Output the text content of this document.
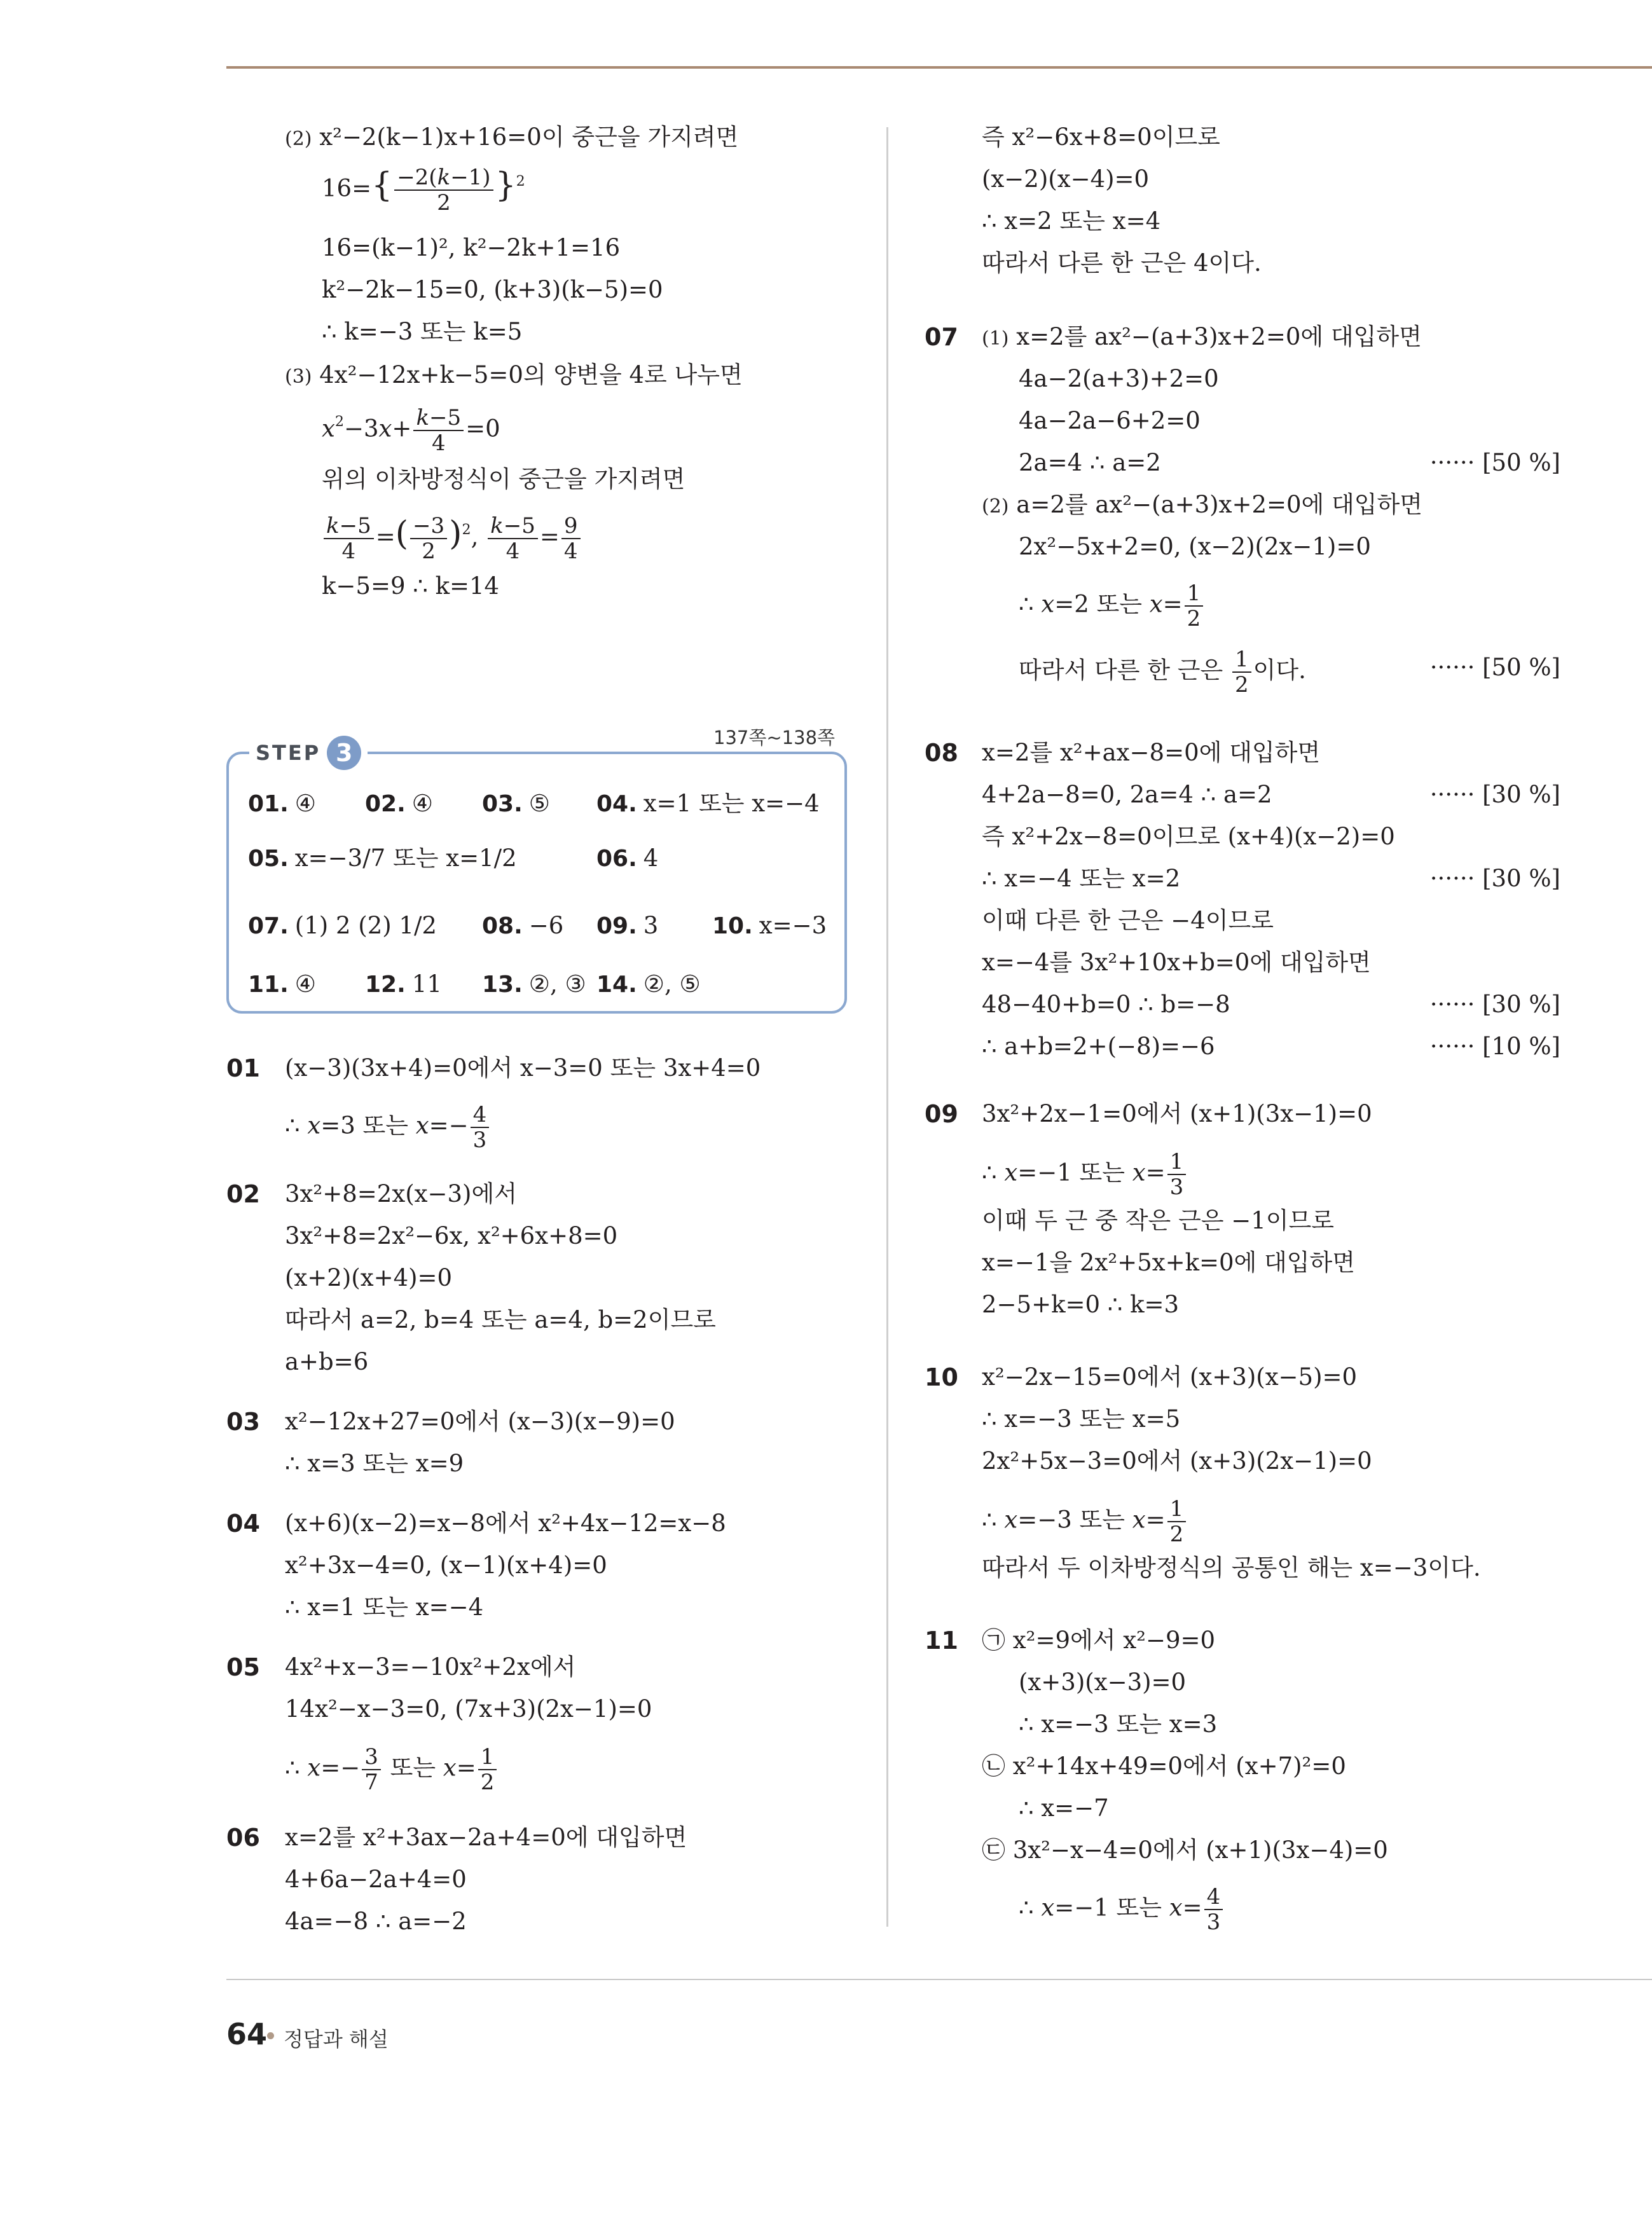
(2) x²−2(k−1)x+16=0이 중근을 가지려면
$16=\{ \frac{-2(k-1)}{2} \}^2$
16=(k−1)², k²−2k+1=16
k²−2k−15=0, (k+3)(k−5)=0
∴ k=−3 또는 k=5
(3) 4x²−12x+k−5=0의 양변을 4로 나누면
$x^2-3x+ \frac{k-5}{4} =0$
위의 이차방정식이 중근을 가지려면
$\frac{k-5}{4}$ =( $\frac{-3}{2} )^2$, $\frac{k-5}{4} = \frac{9}{4}$
k−5=9 ∴ k=14
01 (x−3)(3x+4)=0에서 x−3=0 또는 3x+4=0
∴ x=3 또는 $x=- \frac{4}{3}$
02 3x²+8=2x(x−3)에서
3x²+8=2x²−6x, x²+6x+8=0
(x+2)(x+4)=0
따라서 a=2, b=4 또는 a=4, b=2이므로
a+b=6
03 x²−12x+27=0에서 (x−3)(x−9)=0
∴ x=3 또는 x=9
04 (x+6)(x−2)=x−8에서 x²+4x−12=x−8
x²+3x−4=0, (x−1)(x+4)=0
∴ x=1 또는 x=−4
05 4x²+x−3=−10x²+2x에서
14x²−x−3=0, (7x+3)(2x−1)=0
∴ $x=- \frac{3}{7}$ 또는 $x= \frac{1}{2}$
06 x=2를 x²+3ax−2a+4=0에 대입하면
4+6a−2a+4=0
4a=−8 ∴ a=−2
137쪽~138쪽
STEP 3
01. ④ 02. ④ 03. ⑤ 04. x=1 또는 x=−4
05. x=−3/7 또는 x=1/2	06. 4
07. (1) 2 (2) 1/2 08. −6 09. 3 10. x=−3
11. ④ 12. 11 13. ②, ③ 14. ②, ⑤
즉 x²−6x+8=0이므로
(x−2)(x−4)=0
∴ x=2 또는 x=4
따라서 다른 한 근은 4이다.
07 (1) x=2를 ax²−(a+3)x+2=0에 대입하면
4a−2(a+3)+2=0
4a−2a−6+2=0
2a=4 ∴ a=2	······ [50 %]
(2) a=2를 ax²−(a+3)x+2=0에 대입하면
2x²−5x+2=0, (x−2)(2x−1)=0
∴ x=2 또는 $x= \frac{1}{2}$
따라서 다른 한 근은 $\frac{1}{2}$ 이다.	······ [50 %]
08 x=2를 x²+ax−8=0에 대입하면
4+2a−8=0, 2a=4 ∴ a=2	······ [30 %]
즉 x²+2x−8=0이므로 (x+4)(x−2)=0
∴ x=−4 또는 x=2	······ [30 %]
이때 다른 한 근은 −4이므로
x=−4를 3x²+10x+b=0에 대입하면
48−40+b=0 ∴ b=−8	······ [30 %]
∴ a+b=2+(−8)=−6	······ [10 %]
09 3x²+2x−1=0에서 (x+1)(3x−1)=0
∴ x=−1 또는 $x= \frac{1}{3}$
이때 두 근 중 작은 근은 −1이므로
x=−1을 2x²+5x+k=0에 대입하면
2−5+k=0 ∴ k=3
10 x²−2x−15=0에서 (x+3)(x−5)=0
∴ x=−3 또는 x=5
2x²+5x−3=0에서 (x+3)(2x−1)=0
∴ x=−3 또는 $x= \frac{1}{2}$
따라서 두 이차방정식의 공통인 해는 x=−3이다.
11 ㉠ x²=9에서 x²−9=0
(x+3)(x−3)=0
∴ x=−3 또는 x=3
㉡ x²+14x+49=0에서 (x+7)²=0
∴ x=−7
㉢ 3x²−x−4=0에서 (x+1)(3x−4)=0
∴ x=−1 또는 $x= \frac{4}{3}$
64 정답과 해설
